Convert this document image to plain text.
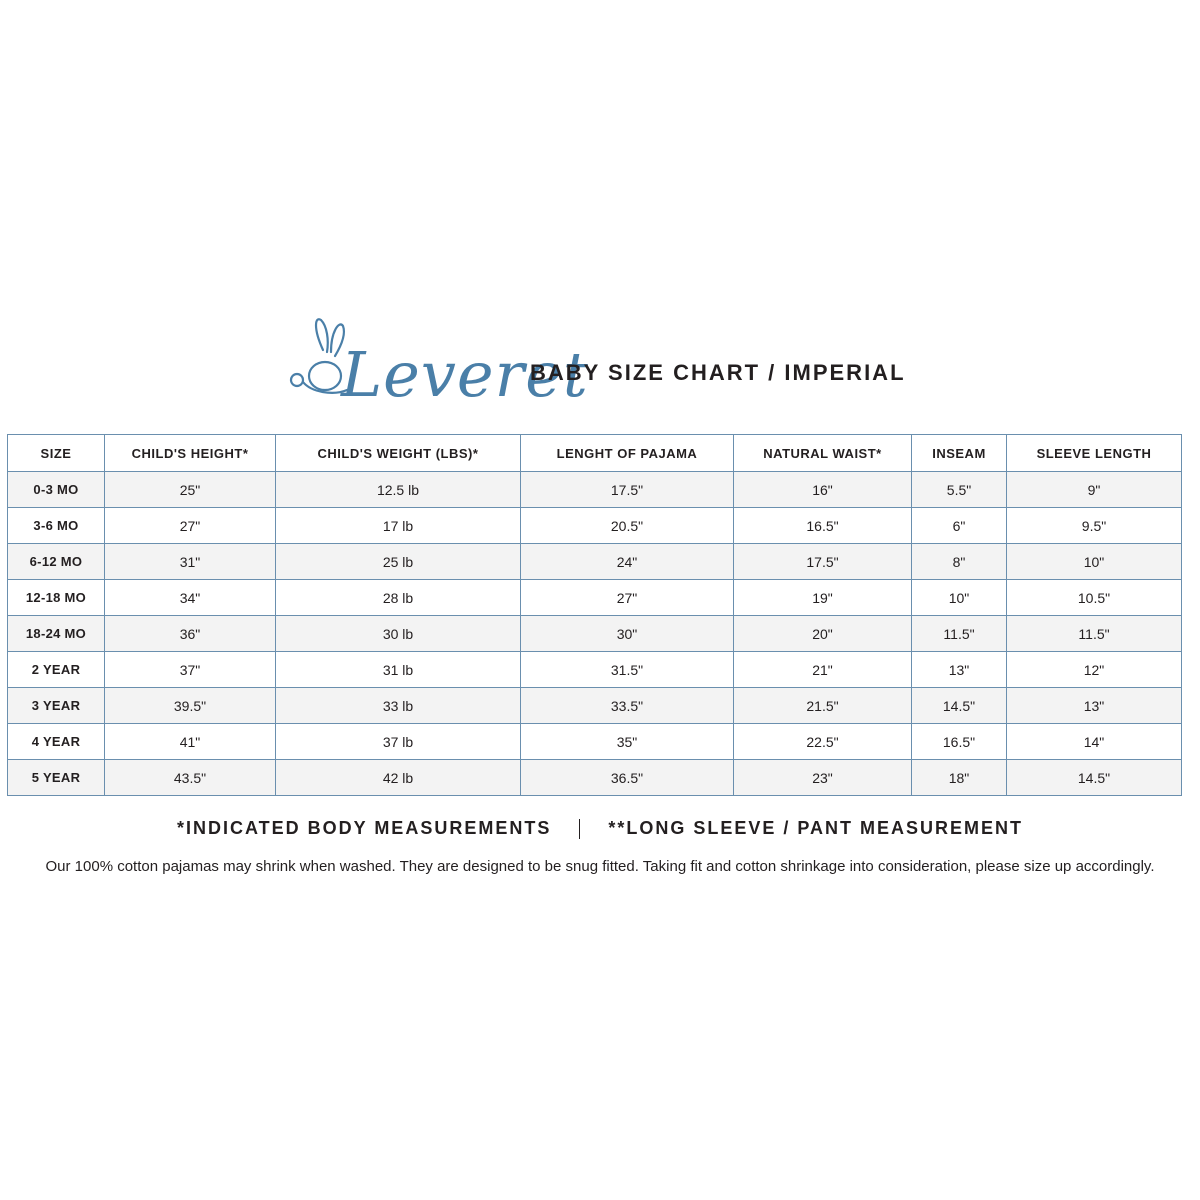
Leveret
BABY SIZE CHART / IMPERIAL
SIZE	CHILD'S HEIGHT*	CHILD'S WEIGHT (LBS)*	LENGHT OF PAJAMA	NATURAL WAIST*	INSEAM	SLEEVE LENGTH
0-3 MO	25"	12.5 lb	17.5"	16"	5.5"	9"
3-6 MO	27"	17 lb	20.5"	16.5"	6"	9.5"
6-12 MO	31"	25 lb	24"	17.5"	8"	10"
12-18 MO	34"	28 lb	27"	19"	10"	10.5"
18-24 MO	36"	30 lb	30"	20"	11.5"	11.5"
2 YEAR	37"	31 lb	31.5"	21"	13"	12"
3 YEAR	39.5"	33 lb	33.5"	21.5"	14.5"	13"
4 YEAR	41"	37 lb	35"	22.5"	16.5"	14"
5 YEAR	43.5"	42 lb	36.5"	23"	18"	14.5"
*INDICATED BODY MEASUREMENTS	**LONG SLEEVE / PANT MEASUREMENT
Our 100% cotton pajamas may shrink when washed. They are designed to be snug fitted. Taking fit and cotton shrinkage into consideration, please size up accordingly.
